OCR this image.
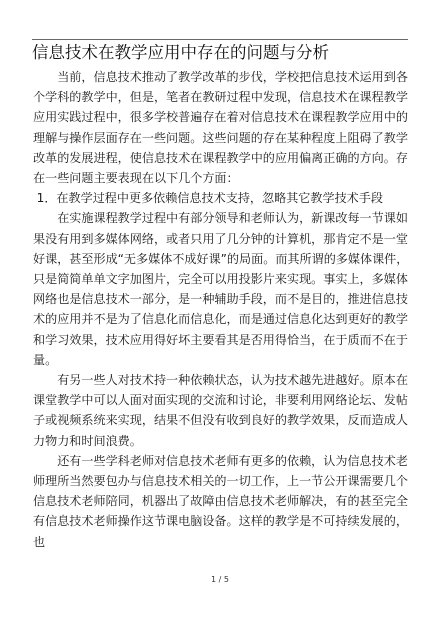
信息技术在教学应用中存在的问题与分析

当前，信息技术推动了教学改革的步伐，学校把信息技术运用到各个学科的教学中，但是，笔者在教研过程中发现，信息技术在课程教学应用实践过程中，很多学校普遍存在着对信息技术在课程教学应用中的理解与操作层面存在一些问题。这些问题的存在某种程度上阻碍了教学改革的发展进程，使信息技术在课程教学中的应用偏离正确的方向。存在一些问题主要表现在以下几个方面：

1．在教学过程中更多依赖信息技术支持，忽略其它教学技术手段

在实施课程教学过程中有部分领导和老师认为，新课改每一节课如果没有用到多媒体网络，或者只用了几分钟的计算机，那肯定不是一堂好课，甚至形成“无多媒体不成好课”的局面。而其所谓的多媒体课件，只是简简单单文字加图片，完全可以用投影片来实现。事实上，多媒体网络也是信息技术一部分，是一种辅助手段，而不是目的，推进信息技术的应用并不是为了信息化而信息化，而是通过信息化达到更好的教学和学习效果，技术应用得好坏主要看其是否用得恰当，在于质而不在于量。

有另一些人对技术持一种依赖状态，认为技术越先进越好。原本在课堂教学中可以人面对面实现的交流和讨论，非要利用网络论坛、发帖子或视频系统来实现，结果不但没有收到良好的教学效果，反而造成人力物力和时间浪费。

还有一些学科老师对信息技术老师有更多的依赖，认为信息技术老师理所当然要包办与信息技术相关的一切工作，上一节公开课需要几个信息技术老师陪同，机器出了故障由信息技术老师解决，有的甚至完全有信息技术老师操作这节课电脑设备。这样的教学是不可持续发展的，也

1 / 5
